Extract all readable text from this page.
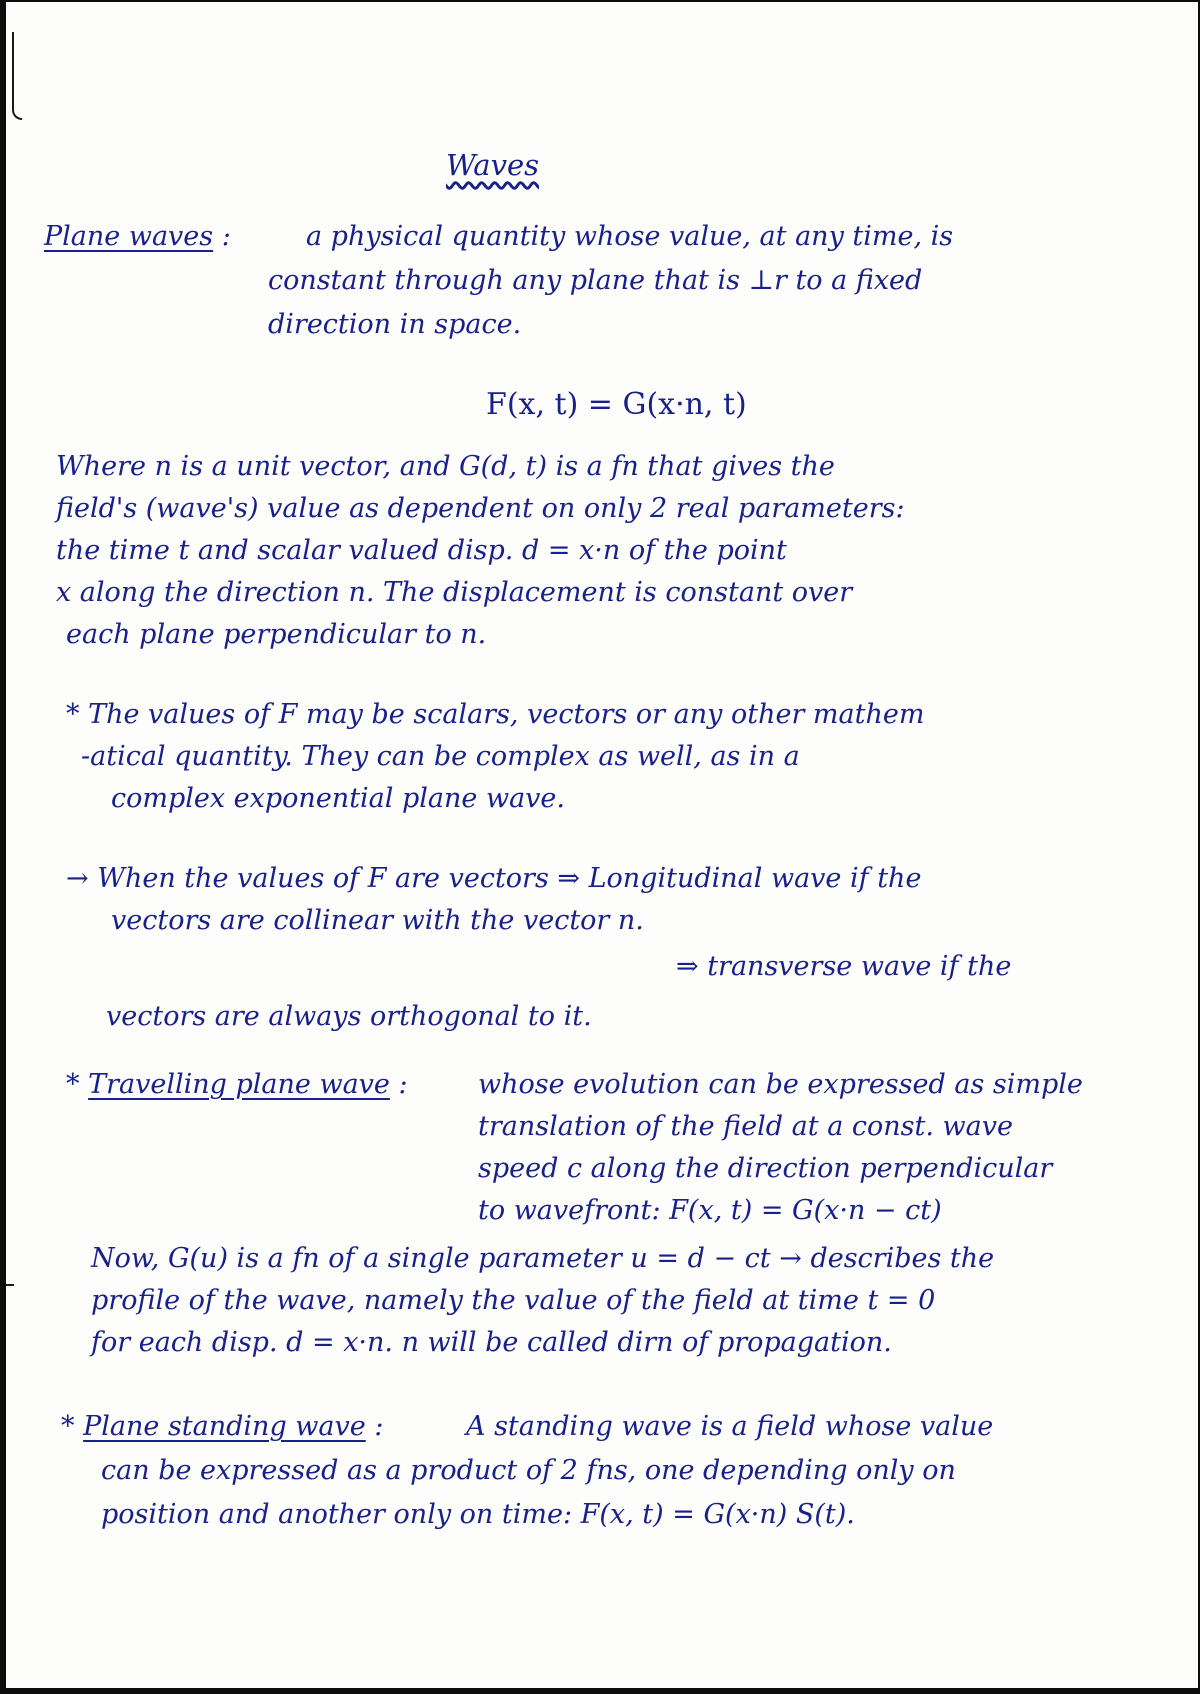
Waves
Plane waves :	a physical quantity whose value, at any time, is
constant through any plane that is ⊥r to a fixed
direction in space.
F(x, t) = G(x·n, t)
Where n is a unit vector, and G(d, t) is a fn that gives the
field's (wave's) value as dependent on only 2 real parameters:
the time t and scalar valued disp. d = x·n of the point
x along the direction n. The displacement is constant over
each plane perpendicular to n.
* The values of F may be scalars, vectors or any other mathem
-atical quantity. They can be complex as well, as in a
complex exponential plane wave.
→ When the values of F are vectors ⇒ Longitudinal wave if the
vectors are collinear with the vector n.
⇒ transverse wave if the
vectors are always orthogonal to it.
* Travelling plane wave :	whose evolution can be expressed as simple
translation of the field at a const. wave
speed c along the direction perpendicular
to wavefront: F(x, t) = G(x·n − ct)
Now, G(u) is a fn of a single parameter u = d − ct → describes the
profile of the wave, namely the value of the field at time t = 0
for each disp. d = x·n. n will be called dirn of propagation.
* Plane standing wave :	A standing wave is a field whose value
can be expressed as a product of 2 fns, one depending only on
position and another only on time: F(x, t) = G(x·n) S(t).
